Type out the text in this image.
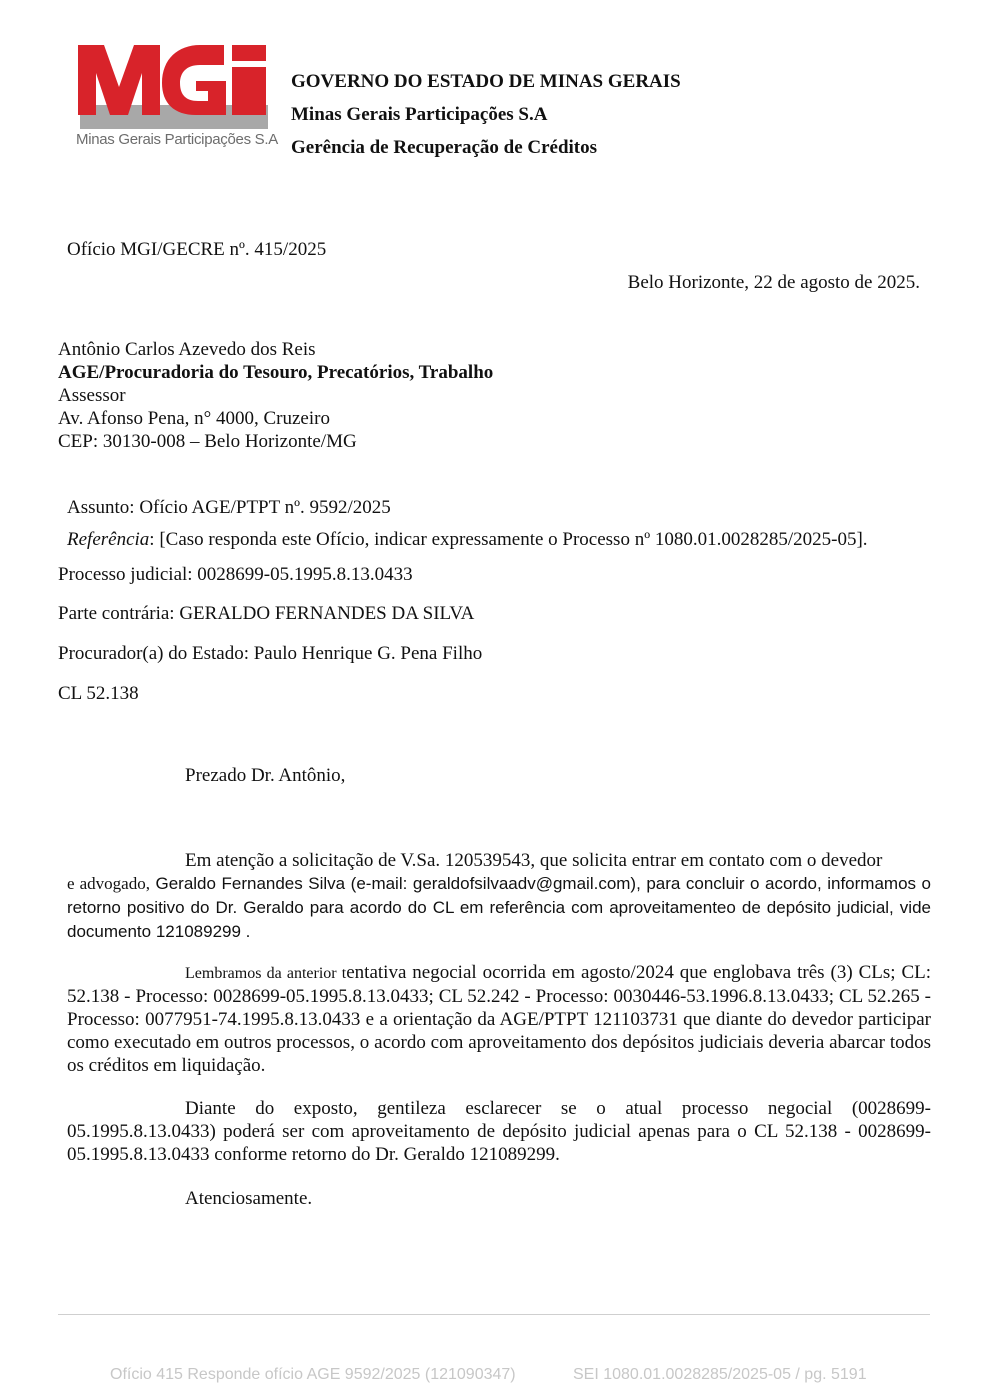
Minas Gerais Participações S.A
GOVERNO DO ESTADO DE MINAS GERAIS
Minas Gerais Participações S.A
Gerência de Recuperação de Créditos
Ofício MGI/GECRE nº. 415/2025
Belo Horizonte, 22 de agosto de 2025.
Antônio Carlos Azevedo dos Reis
AGE/Procuradoria do Tesouro, Precatórios, Trabalho
Assessor
Av. Afonso Pena, n° 4000, Cruzeiro
CEP: 30130-008 – Belo Horizonte/MG
Assunto: Ofício AGE/PTPT nº. 9592/2025
Referência: [Caso responda este Ofício, indicar expressamente o Processo nº 1080.01.0028285/2025-05].
Processo judicial: 0028699-05.1995.8.13.0433
Parte contrária: GERALDO FERNANDES DA SILVA
Procurador(a) do Estado: Paulo Henrique G. Pena Filho
CL 52.138
Prezado Dr. Antônio,
Em atenção a solicitação de V.Sa. 120539543, que solicita entrar em contato com o devedor
e advogado, Geraldo Fernandes Silva (e-mail: geraldofsilvaadv@gmail.com), para concluir o acordo, informamos o retorno positivo do Dr. Geraldo para acordo do CL em referência com aproveitamenteo de depósito judicial, vide documento 121089299 .
Lembramos da anterior tentativa negocial ocorrida em agosto/2024 que englobava três (3) CLs; CL: 52.138 - Processo: 0028699-05.1995.8.13.0433; CL 52.242 - Processo: 0030446-53.1996.8.13.0433; CL 52.265 - Processo: 0077951-74.1995.8.13.0433 e a orientação da AGE/PTPT 121103731 que diante do devedor participar como executado em outros processos, o acordo com aproveitamento dos depósitos judiciais deveria abarcar todos os créditos em liquidação.
Diante do exposto, gentileza esclarecer se o atual processo negocial (0028699-05.1995.8.13.0433) poderá ser com aproveitamento de depósito judicial apenas para o CL 52.138 - 0028699-05.1995.8.13.0433 conforme retorno do Dr. Geraldo 121089299.
Atenciosamente.
Ofício 415 Responde ofício AGE 9592/2025 (121090347)	SEI 1080.01.0028285/2025-05 / pg. 5191
